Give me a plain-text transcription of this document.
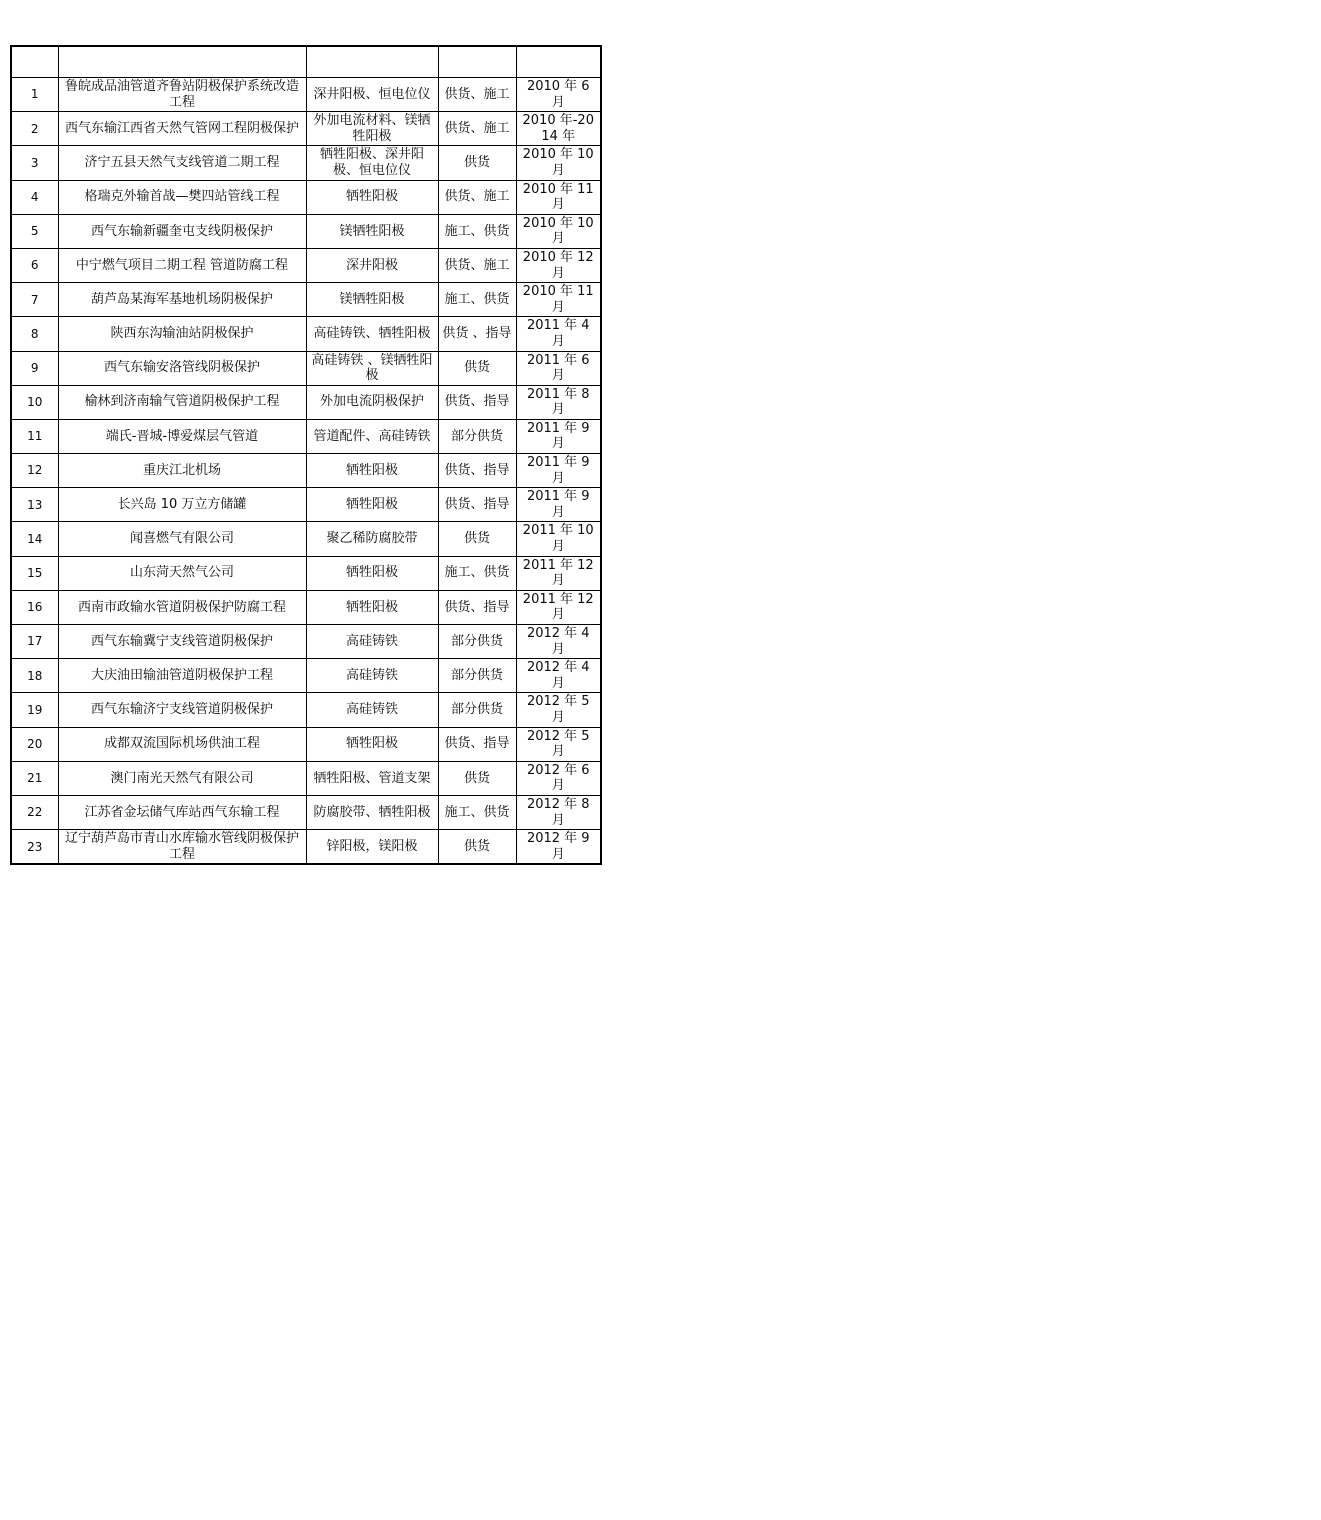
1	鲁皖成品油管道齐鲁站阴极保护系统改造工程	深井阳极、恒电位仪	供货、施工	2010 年 6 月
2	西气东输江西省天然气管网工程阴极保护	外加电流材料、镁牺牲阳极	供货、施工	2010 年-2014 年
3	济宁五县天然气支线管道二期工程	牺牲阳极、深井阳极、恒电位仪	供货	2010 年 10 月
4	格瑞克外输首战—樊四站管线工程	牺牲阳极	供货、施工	2010 年 11 月
5	西气东输新疆奎屯支线阴极保护	镁牺牲阳极	施工、供货	2010 年 10 月
6	中宁燃气项目二期工程 管道防腐工程	深井阳极	供货、施工	2010 年 12 月
7	葫芦岛某海军基地机场阴极保护	镁牺牲阳极	施工、供货	2010 年 11 月
8	陕西东沟输油站阴极保护	高硅铸铁、牺牲阳极	供货 、指导	2011 年 4 月
9	西气东输安洛管线阴极保护	高硅铸铁 、镁牺牲阳极	供货	2011 年 6 月
10	榆林到济南输气管道阴极保护工程	外加电流阴极保护	供货、指导	2011 年 8 月
11	端氏-晋城-博爱煤层气管道	管道配件、高硅铸铁	部分供货	2011 年 9 月
12	重庆江北机场	牺牲阳极	供货、指导	2011 年 9 月
13	长兴岛 10 万立方储罐	牺牲阳极	供货、指导	2011 年 9 月
14	闻喜燃气有限公司	聚乙稀防腐胶带	供货	2011 年 10 月
15	山东菏天然气公司	牺牲阳极	施工、供货	2011 年 12 月
16	西南市政输水管道阴极保护防腐工程	牺牲阳极	供货、指导	2011 年 12 月
17	西气东输冀宁支线管道阴极保护	高硅铸铁	部分供货	2012 年 4 月
18	大庆油田输油管道阴极保护工程	高硅铸铁	部分供货	2012 年 4 月
19	西气东输济宁支线管道阴极保护	高硅铸铁	部分供货	2012 年 5 月
20	成都双流国际机场供油工程	牺牲阳极	供货、指导	2012 年 5 月
21	澳门南光天然气有限公司	牺牲阳极、管道支架	供货	2012 年 6 月
22	江苏省金坛储气库站西气东输工程	防腐胶带、牺牲阳极	施工、供货	2012 年 8 月
23	辽宁葫芦岛市青山水库输水管线阴极保护工程	锌阳极，镁阳极	供货	2012 年 9 月
